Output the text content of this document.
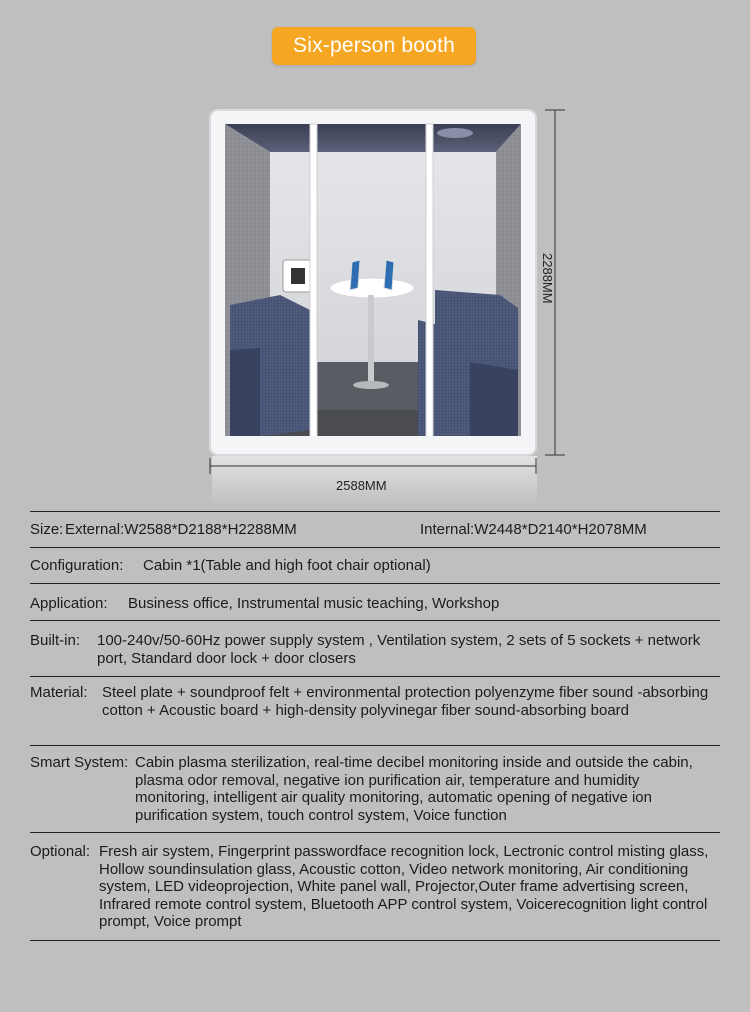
Six-person booth
2588MM
2288MM
Size: External:W2588*D2188*H2288MM	Internal:W2448*D2140*H2078MM
Configuration: Cabin *1(Table and high foot chair optional)
Application: Business office, Instrumental music teaching, Workshop
Built-in: 100-240v/50-60Hz power supply system , Ventilation system, 2 sets of 5 sockets + network port, Standard door lock + door closers
Material: Steel plate + soundproof felt + environmental protection polyenzyme fiber sound -absorbing cotton + Acoustic board + high-density polyvinegar fiber sound-absorbing board
Smart System: Cabin plasma sterilization, real-time decibel monitoring inside and outside the cabin, plasma odor removal, negative ion purification air, temperature and humidity monitoring, intelligent air quality monitoring, automatic opening of negative ion purification system, touch control system, Voice function
Optional: Fresh air system, Fingerprint passwordface recognition lock, Lectronic control misting glass, Hollow soundinsulation glass, Acoustic cotton, Video network monitoring, Air conditioning system, LED videoprojection, White panel wall, Projector,Outer frame advertising screen, Infrared remote control system, Bluetooth APP control system, Voicerecognition light control prompt, Voice prompt
